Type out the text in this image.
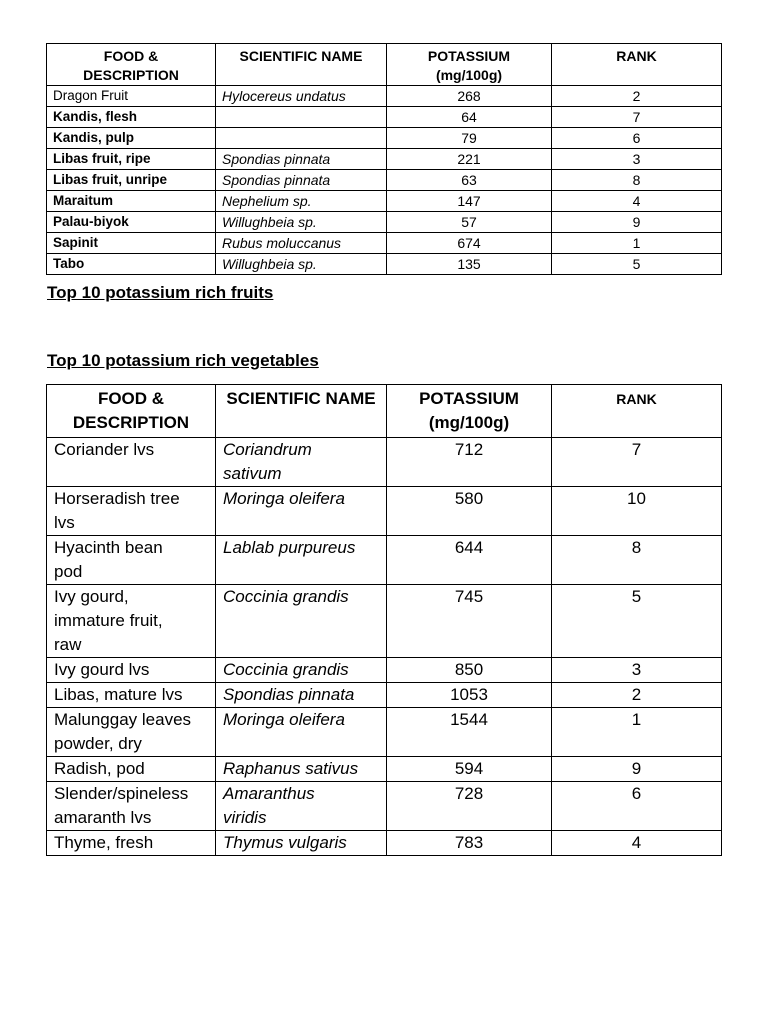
FOOD &
DESCRIPTION	SCIENTIFIC NAME	POTASSIUM
(mg/100g)	RANK
Dragon Fruit	Hylocereus undatus	268	2
Kandis, flesh		64	7
Kandis, pulp		79	6
Libas fruit, ripe	Spondias pinnata	221	3
Libas fruit, unripe	Spondias pinnata	63	8
Maraitum	Nephelium sp.	147	4
Palau-biyok	Willughbeia sp.	57	9
Sapinit	Rubus moluccanus	674	1
Tabo	Willughbeia sp.	135	5

Top 10 potassium rich fruits

Top 10 potassium rich vegetables

FOOD &
DESCRIPTION	SCIENTIFIC NAME	POTASSIUM
(mg/100g)	RANK
Coriander lvs	Coriandrum
sativum	712	7
Horseradish tree
lvs	Moringa oleifera	580	10
Hyacinth bean
pod	Lablab purpureus	644	8
Ivy gourd,
immature fruit,
raw	Coccinia grandis	745	5
Ivy gourd lvs	Coccinia grandis	850	3
Libas, mature lvs	Spondias pinnata	1053	2
Malunggay leaves
powder, dry	Moringa oleifera	1544	1
Radish, pod	Raphanus sativus	594	9
Slender/spineless
amaranth lvs	Amaranthus
viridis	728	6
Thyme, fresh	Thymus vulgaris	783	4
